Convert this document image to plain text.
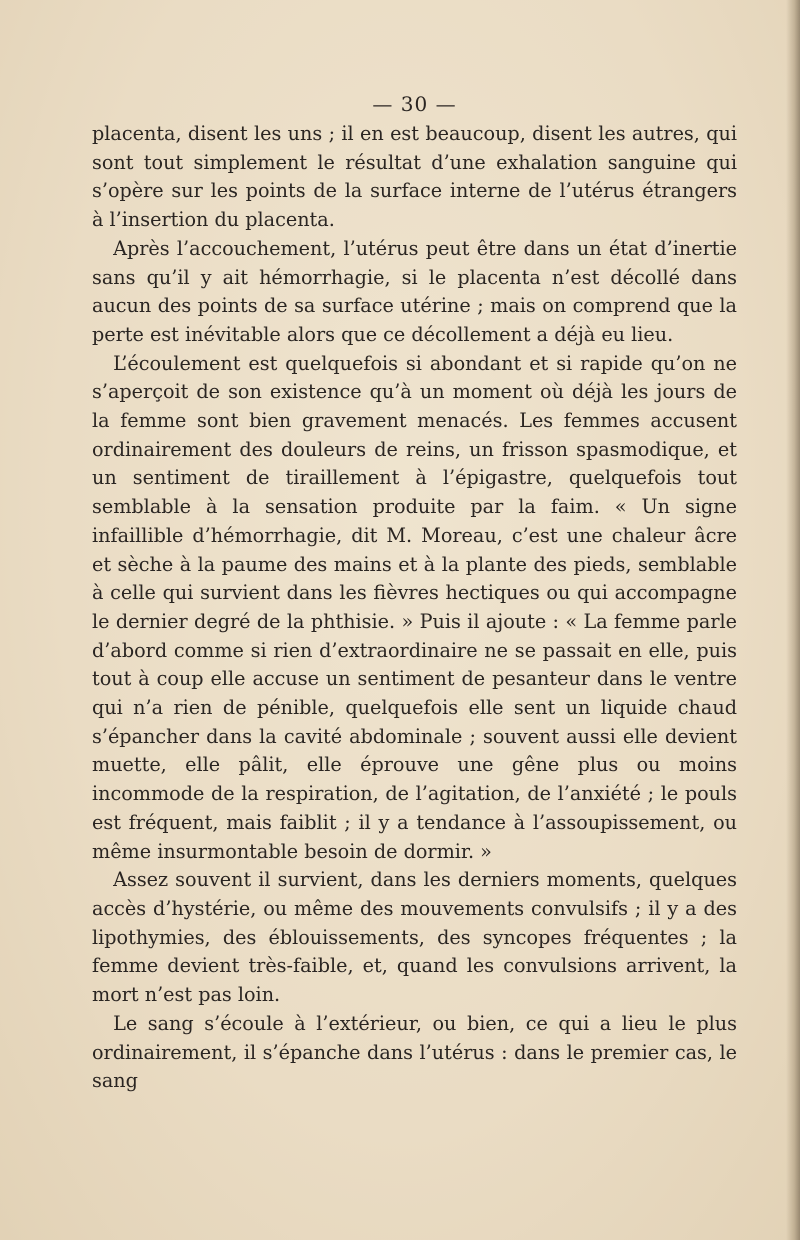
— 30 —

placenta, disent les uns ; il en est beaucoup, disent les autres, qui sont tout simplement le résultat d’une exhalation sanguine qui s’opère sur les points de la surface interne de l’utérus étrangers à l’insertion du placenta.

Après l’accouchement, l’utérus peut être dans un état d’inertie sans qu’il y ait hémorrhagie, si le placenta n’est décollé dans aucun des points de sa surface utérine ; mais on comprend que la perte est inévitable alors que ce décollement a déjà eu lieu.

L’écoulement est quelquefois si abondant et si rapide qu’on ne s’aperçoit de son existence qu’à un moment où déjà les jours de la femme sont bien gravement menacés. Les femmes accusent ordinairement des douleurs de reins, un frisson spasmodique, et un sentiment de tiraillement à l’épigastre, quelquefois tout semblable à la sensation produite par la faim. « Un signe infaillible d’hémorrhagie, dit M. Moreau, c’est une chaleur âcre et sèche à la paume des mains et à la plante des pieds, semblable à celle qui survient dans les fièvres hectiques ou qui accompagne le dernier degré de la phthisie. » Puis il ajoute : « La femme parle d’abord comme si rien d’extraordinaire ne se passait en elle, puis tout à coup elle accuse un sentiment de pesanteur dans le ventre qui n’a rien de pénible, quelquefois elle sent un liquide chaud s’épancher dans la cavité abdominale ; souvent aussi elle devient muette, elle pâlit, elle éprouve une gêne plus ou moins incommode de la respiration, de l’agitation, de l’anxiété ; le pouls est fréquent, mais faiblit ; il y a tendance à l’assoupissement, ou même insurmontable besoin de dormir. »

Assez souvent il survient, dans les derniers moments, quelques accès d’hystérie, ou même des mouvements convulsifs ; il y a des lipothymies, des éblouissements, des syncopes fréquentes ; la femme devient très-faible, et, quand les convulsions arrivent, la mort n’est pas loin.

Le sang s’écoule à l’extérieur, ou bien, ce qui a lieu le plus ordinairement, il s’épanche dans l’utérus : dans le premier cas, le sang
